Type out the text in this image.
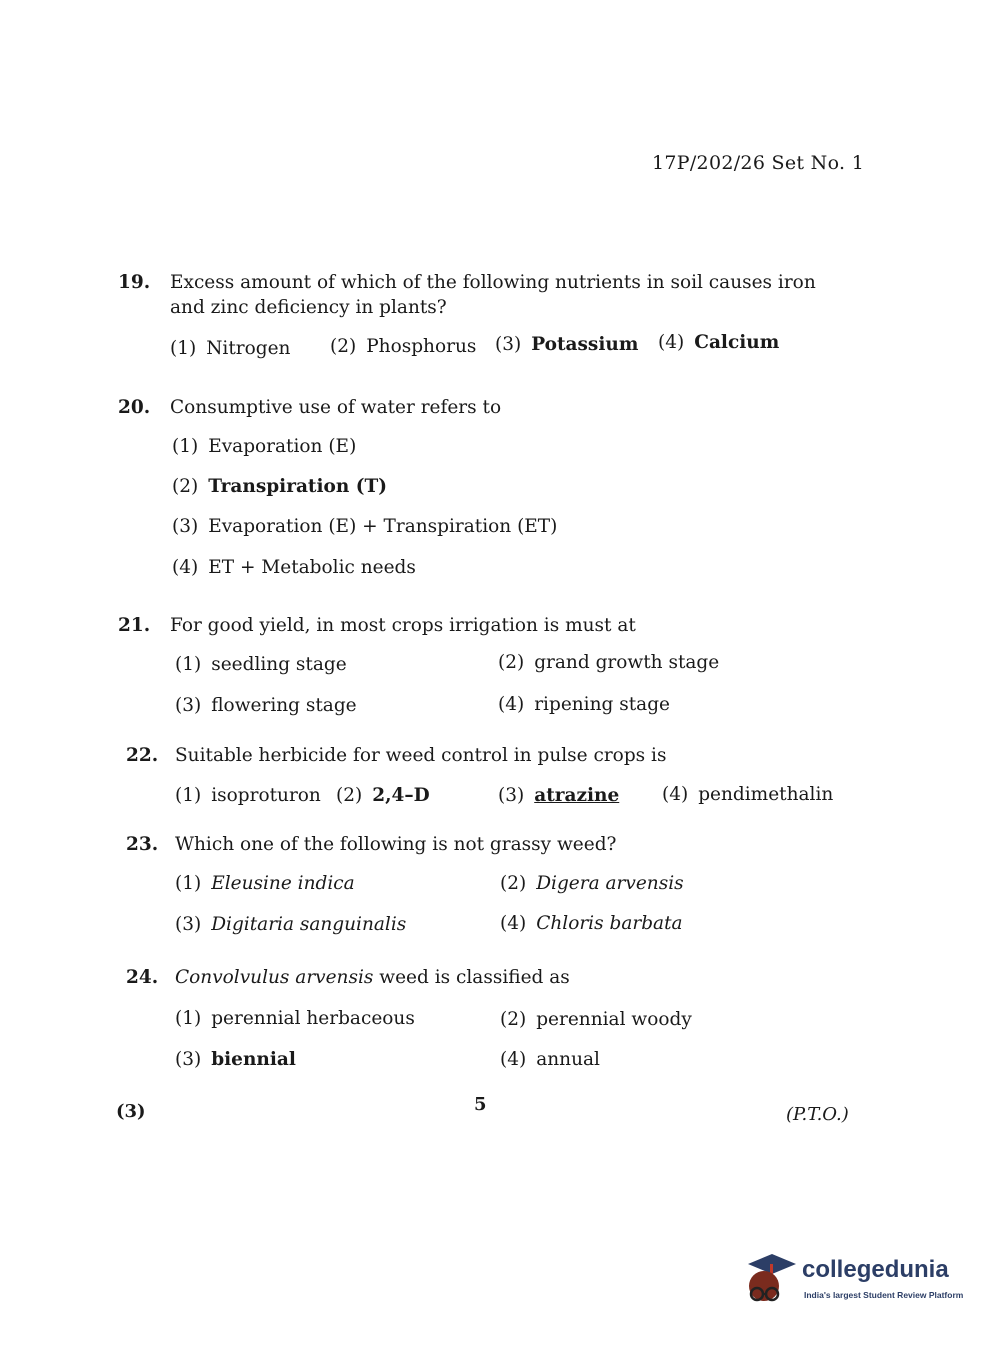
17P/202/26 Set No. 1
19.	Excess amount of which of the following nutrients in soil causes iron and zinc deficiency in plants?
(1) Nitrogen (2) Phosphorus (3) Potassium (4) Calcium
20.	Consumptive use of water refers to
(1) Evaporation (E)
(2) Transpiration (T)
(3) Evaporation (E) + Transpiration (ET)
(4) ET + Metabolic needs
21.	For good yield, in most crops irrigation is must at
(1) seedling stage	(2) grand growth stage
(3) flowering stage	(4) ripening stage
22. Suitable herbicide for weed control in pulse crops is
(1) isoproturon (2) 2,4–D	(3) atrazine (4) pendimethalin
23. Which one of the following is not grassy weed?
(1) Eleusine indica	(2) Digera arvensis
(3) Digitaria sanguinalis	(4) Chloris barbata
24. Convolvulus arvensis weed is classified as
(1) perennial herbaceous	(2) perennial woody
(3) biennial	(4) annual
(3)	5	(P.T.O.)
collegedunia
India's largest Student Review Platform
